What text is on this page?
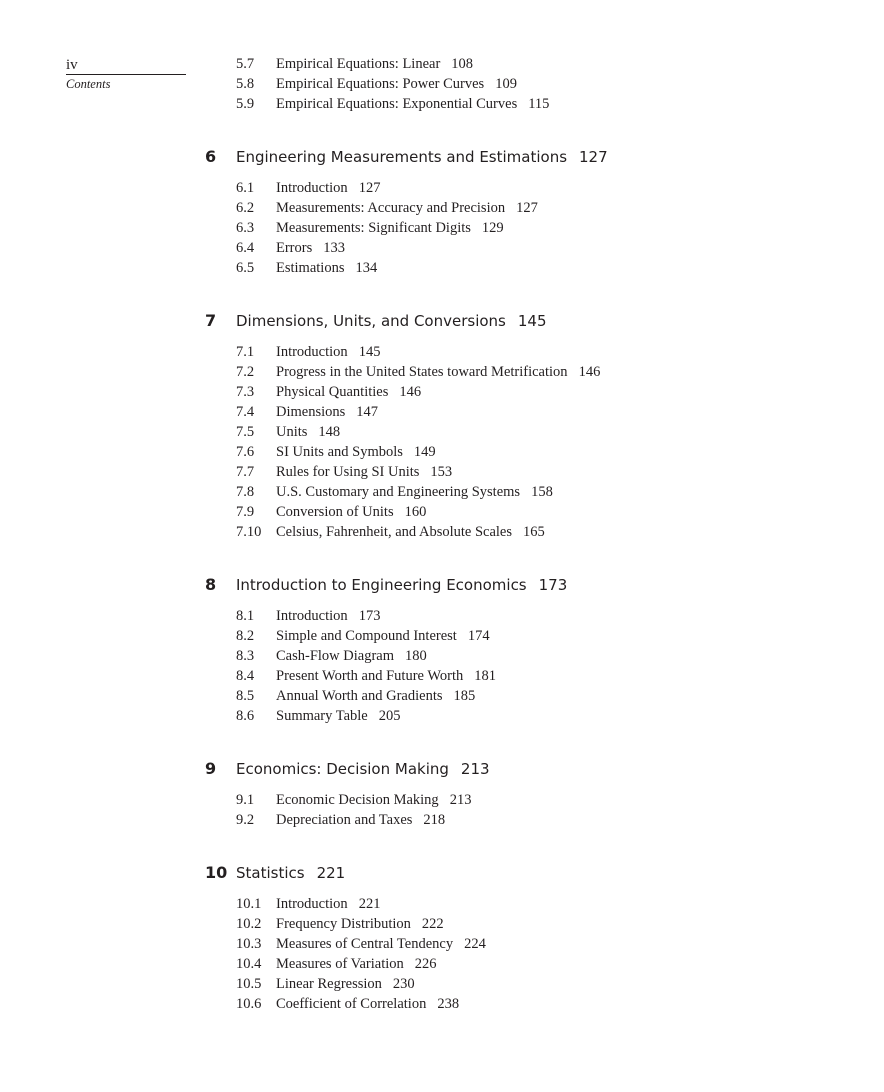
iv
Contents
5.7 Empirical Equations: Linear 108
5.8 Empirical Equations: Power Curves 109
5.9 Empirical Equations: Exponential Curves 115
6 Engineering Measurements and Estimations 127
6.1 Introduction 127
6.2 Measurements: Accuracy and Precision 127
6.3 Measurements: Significant Digits 129
6.4 Errors 133
6.5 Estimations 134
7 Dimensions, Units, and Conversions 145
7.1 Introduction 145
7.2 Progress in the United States toward Metrification 146
7.3 Physical Quantities 146
7.4 Dimensions 147
7.5 Units 148
7.6 SI Units and Symbols 149
7.7 Rules for Using SI Units 153
7.8 U.S. Customary and Engineering Systems 158
7.9 Conversion of Units 160
7.10 Celsius, Fahrenheit, and Absolute Scales 165
8 Introduction to Engineering Economics 173
8.1 Introduction 173
8.2 Simple and Compound Interest 174
8.3 Cash-Flow Diagram 180
8.4 Present Worth and Future Worth 181
8.5 Annual Worth and Gradients 185
8.6 Summary Table 205
9 Economics: Decision Making 213
9.1 Economic Decision Making 213
9.2 Depreciation and Taxes 218
10 Statistics 221
10.1 Introduction 221
10.2 Frequency Distribution 222
10.3 Measures of Central Tendency 224
10.4 Measures of Variation 226
10.5 Linear Regression 230
10.6 Coefficient of Correlation 238
